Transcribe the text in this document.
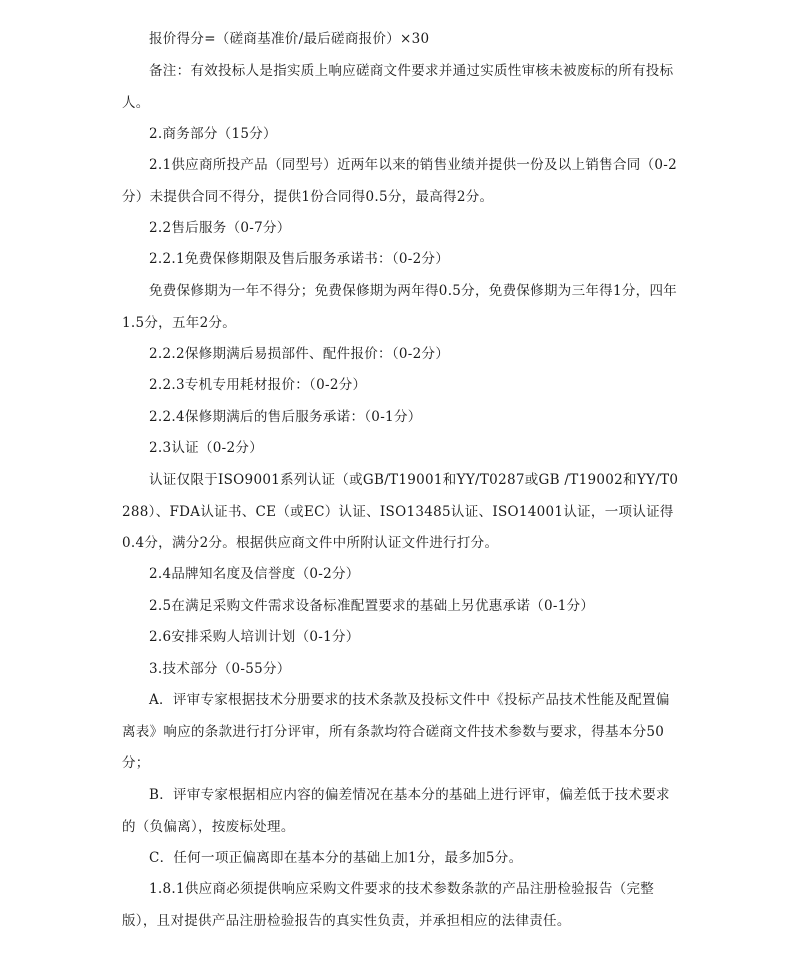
报价得分=（磋商基准价/最后磋商报价）×30

备注：有效投标人是指实质上响应磋商文件要求并通过实质性审核未被废标的所有投标人。

2.商务部分（15分）

2.1供应商所投产品（同型号）近两年以来的销售业绩并提供一份及以上销售合同（0-2分）未提供合同不得分，提供1份合同得0.5分，最高得2分。

2.2售后服务（0-7分）

2.2.1免费保修期限及售后服务承诺书：（0-2分）

免费保修期为一年不得分；免费保修期为两年得0.5分，免费保修期为三年得1分，四年1.5分，五年2分。

2.2.2保修期满后易损部件、配件报价：（0-2分）

2.2.3专机专用耗材报价：（0-2分）

2.2.4保修期满后的售后服务承诺：（0-1分）

2.3认证（0-2分）

认证仅限于ISO9001系列认证（或GB/T19001和YY/T0287或GB /T19002和YY/T0288）、FDA认证书、CE（或EC）认证、ISO13485认证、ISO14001认证，一项认证得0.4分，满分2分。根据供应商文件中所附认证文件进行打分。

2.4品牌知名度及信誉度（0-2分）

2.5在满足采购文件需求设备标准配置要求的基础上另优惠承诺（0-1分）

2.6安排采购人培训计划（0-1分）

3.技术部分（0-55分）

A．评审专家根据技术分册要求的技术条款及投标文件中《投标产品技术性能及配置偏离表》响应的条款进行打分评审，所有条款均符合磋商文件技术参数与要求，得基本分50分；

B．评审专家根据相应内容的偏差情况在基本分的基础上进行评审，偏差低于技术要求的（负偏离），按废标处理。

C．任何一项正偏离即在基本分的基础上加1分，最多加5分。

1.8.1供应商必须提供响应采购文件要求的技术参数条款的产品注册检验报告（完整版），且对提供产品注册检验报告的真实性负责，并承担相应的法律责任。
